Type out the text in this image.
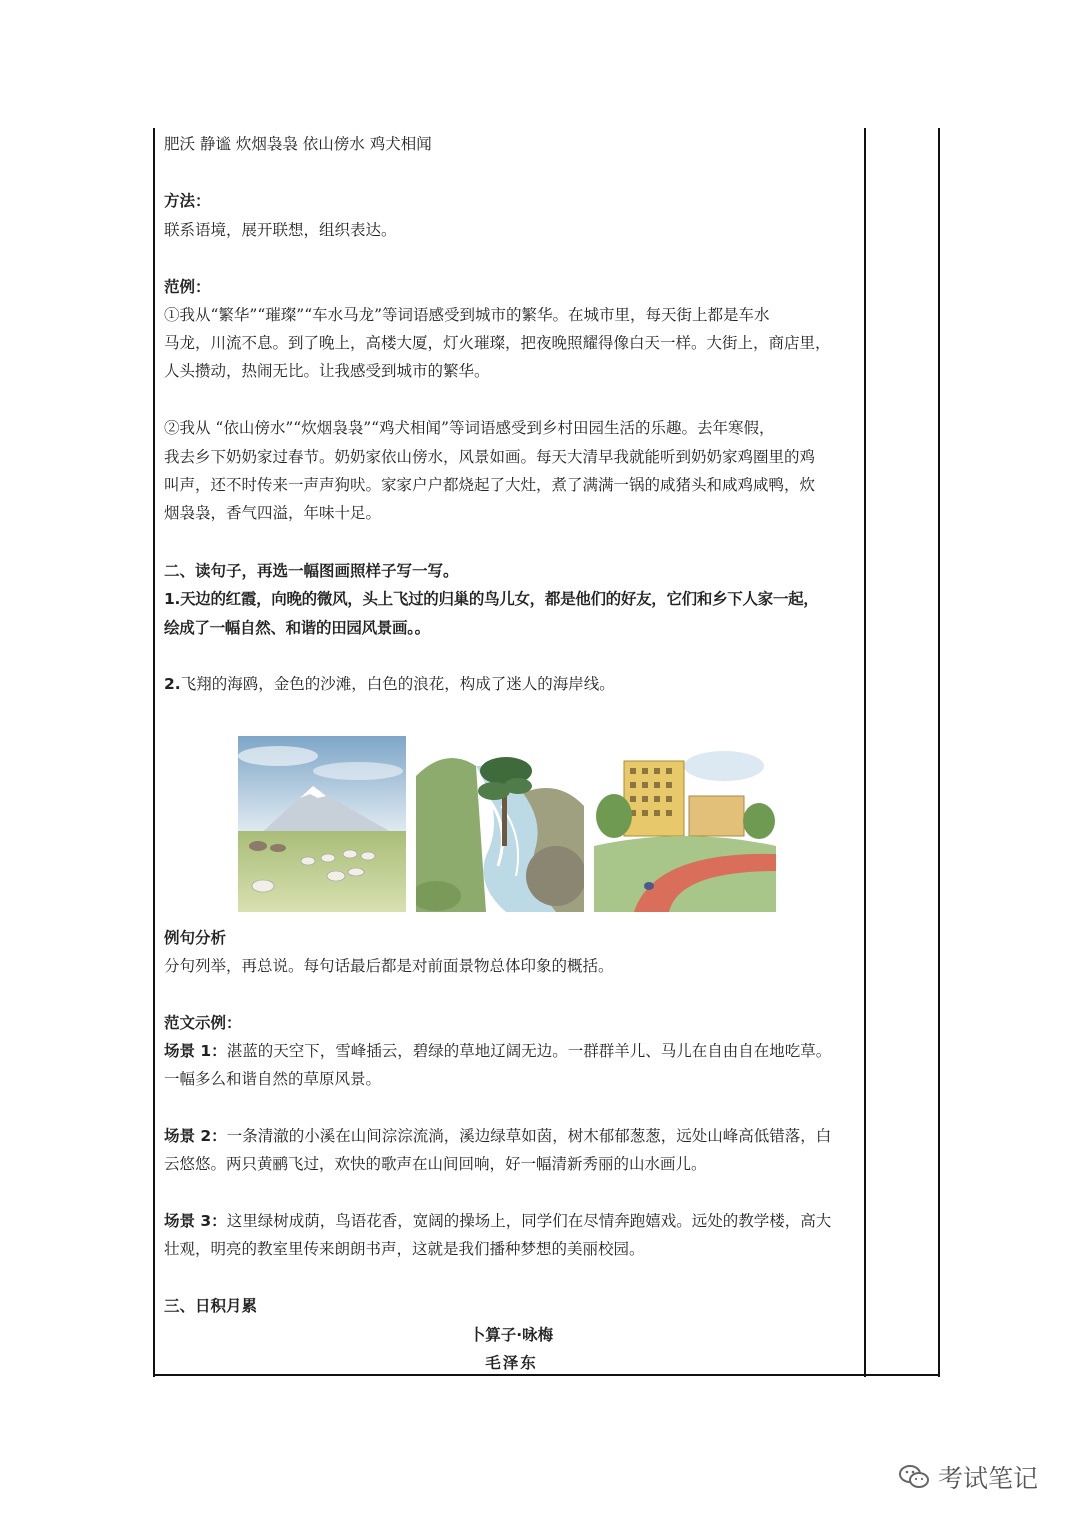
肥沃 静谧 炊烟袅袅 依山傍水 鸡犬相闻
方法：
联系语境，展开联想，组织表达。
范例：
①我从“繁华”“璀璨”“车水马龙”等词语感受到城市的繁华。在城市里，每天街上都是车水
马龙，川流不息。到了晚上，高楼大厦，灯火璀璨，把夜晚照耀得像白天一样。大街上，商店里，
人头攒动，热闹无比。让我感受到城市的繁华。
②我从 “依山傍水”“炊烟袅袅”“鸡犬相闻”等词语感受到乡村田园生活的乐趣。去年寒假，
我去乡下奶奶家过春节。奶奶家依山傍水，风景如画。每天大清早我就能听到奶奶家鸡圈里的鸡
叫声，还不时传来一声声狗吠。家家户户都烧起了大灶，煮了满满一锅的咸猪头和咸鸡咸鸭，炊
烟袅袅，香气四溢，年味十足。
二、读句子，再选一幅图画照样子写一写。
1.天边的红霞，向晚的微风，头上飞过的归巢的鸟儿女，都是他们的好友，它们和乡下人家一起，
绘成了一幅自然、和谐的田园风景画。。
2.飞翔的海鸥，金色的沙滩，白色的浪花，构成了迷人的海岸线。
例句分析
分句列举，再总说。每句话最后都是对前面景物总体印象的概括。
范文示例：
场景 1：湛蓝的天空下，雪峰插云，碧绿的草地辽阔无边。一群群羊儿、马儿在自由自在地吃草。
一幅多么和谐自然的草原风景。
场景 2：一条清澈的小溪在山间淙淙流淌，溪边绿草如茵，树木郁郁葱葱，远处山峰高低错落，白
云悠悠。两只黄鹂飞过，欢快的歌声在山间回响，好一幅清新秀丽的山水画儿。
场景 3：这里绿树成荫，鸟语花香，宽阔的操场上，同学们在尽情奔跑嬉戏。远处的教学楼，高大
壮观，明亮的教室里传来朗朗书声，这就是我们播种梦想的美丽校园。
三、日积月累
卜算子·咏梅
毛泽东
考试笔记
